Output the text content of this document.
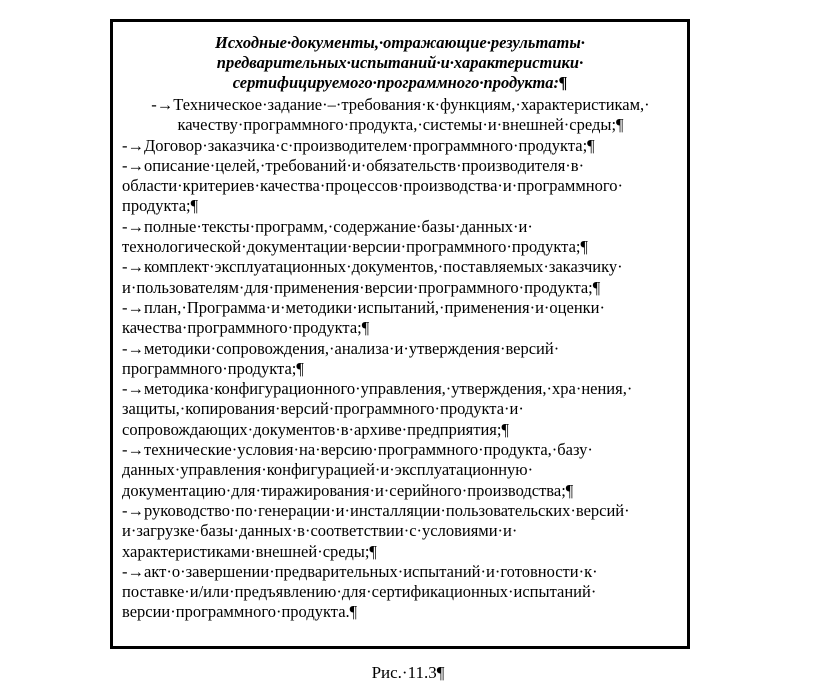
Исходные·документы,·отражающие·результаты·
предварительных·испытаний·и·характеристики·
сертифицируемого·программного·продукта:¶
-→Техническое·задание·–·требования·к·функциям,·характеристикам,·
качеству·программного·продукта,·системы·и·внешней·среды;¶
-→Договор·заказчика·с·производителем·программного·продукта;¶
-→описание·целей,·требований·и·обязательств·производителя·в·
области·критериев·качества·процессов·производства·и·программного·
продукта;¶
-→полные·тексты·программ,·содержание·базы·данных·и·
технологической·документации·версии·программного·продукта;¶
-→комплект·эксплуатационных·документов,·поставляемых·заказчику·
и·пользователям·для·применения·версии·программного·продукта;¶
-→план,·Программа·и·методики·испытаний,·применения·и·оценки·
качества·программного·продукта;¶
-→методики·сопровождения,·анализа·и·утверждения·версий·
программного·продукта;¶
-→методика·конфигурационного·управления,·утверждения,·хра·нения,·
защиты,·копирования·версий·программного·продукта·и·
сопровождающих·документов·в·архиве·предприятия;¶
-→технические·условия·на·версию·программного·продукта,·базу·
данных·управления·конфигурацией·и·эксплуатационную·
документацию·для·тиражирования·и·серийного·производства;¶
-→руководство·по·генерации·и·инсталляции·пользовательских·версий·
и·загрузке·базы·данных·в·соответствии·с·условиями·и·
характеристиками·внешней·среды;¶
-→акт·о·завершении·предварительных·испытаний·и·готовности·к·
поставке·и/или·предъявлению·для·сертификационных·испытаний·
версии·программного·продукта.¶
Рис.·11.3¶
